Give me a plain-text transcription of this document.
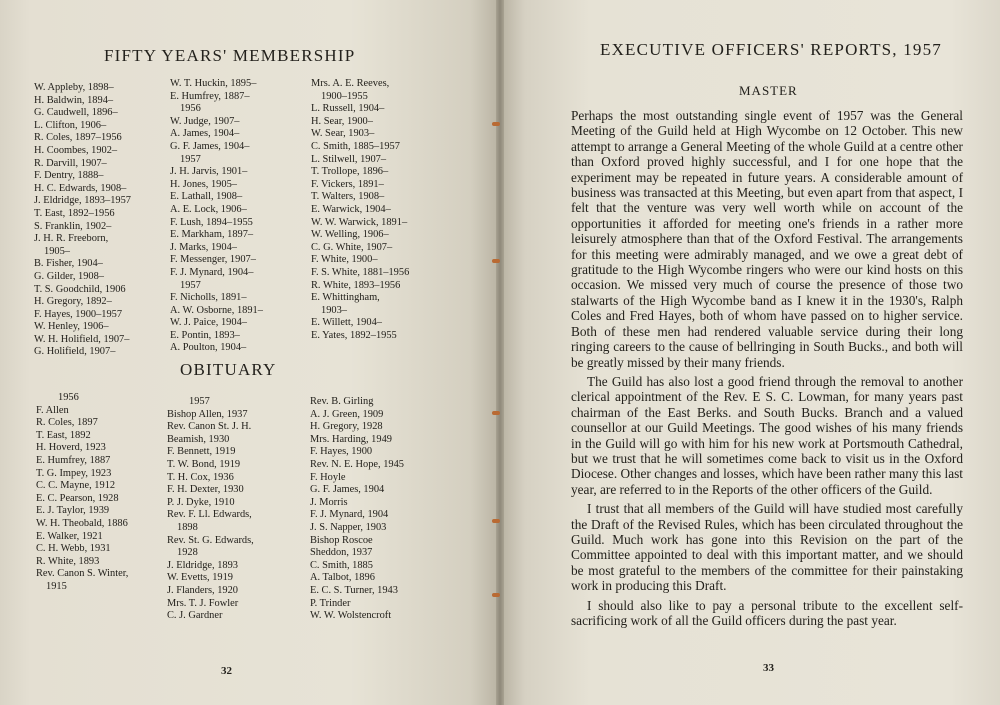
FIFTY YEARS' MEMBERSHIP
W. Appleby, 1898–
H. Baldwin, 1894–
G. Caudwell, 1896–
L. Clifton, 1906–
R. Coles, 1897–1956
H. Coombes, 1902–
R. Darvill, 1907–
F. Dentry, 1888–
H. C. Edwards, 1908–
J. Eldridge, 1893–1957
T. East, 1892–1956
S. Franklin, 1902–
J. H. R. Freeborn,
1905–
B. Fisher, 1904–
G. Gilder, 1908–
T. S. Goodchild, 1906
H. Gregory, 1892–
F. Hayes, 1900–1957
W. Henley, 1906–
W. H. Holifield, 1907–
G. Holifield, 1907–
W. T. Huckin, 1895–
E. Humfrey, 1887–
1956
W. Judge, 1907–
A. James, 1904–
G. F. James, 1904–
1957
J. H. Jarvis, 1901–
H. Jones, 1905–
E. Lathall, 1908–
A. E. Lock, 1906–
F. Lush, 1894–1955
E. Markham, 1897–
J. Marks, 1904–
F. Messenger, 1907–
F. J. Mynard, 1904–
1957
F. Nicholls, 1891–
A. W. Osborne, 1891–
W. J. Paice, 1904–
E. Pontin, 1893–
A. Poulton, 1904–
Mrs. A. E. Reeves,
1900–1955
L. Russell, 1904–
H. Sear, 1900–
W. Sear, 1903–
C. Smith, 1885–1957
L. Stilwell, 1907–
T. Trollope, 1896–
F. Vickers, 1891–
T. Walters, 1908–
E. Warwick, 1904–
W. W. Warwick, 1891–
W. Welling, 1906–
C. G. White, 1907–
F. White, 1900–
F. S. White, 1881–1956
R. White, 1893–1956
E. Whittingham,
1903–
E. Willett, 1904–
E. Yates, 1892–1955
OBITUARY
1956
F. Allen
R. Coles, 1897
T. East, 1892
H. Hoverd, 1923
E. Humfrey, 1887
T. G. Impey, 1923
C. C. Mayne, 1912
E. C. Pearson, 1928
E. J. Taylor, 1939
W. H. Theobald, 1886
E. Walker, 1921
C. H. Webb, 1931
R. White, 1893
Rev. Canon S. Winter,
1915
1957
Bishop Allen, 1937
Rev. Canon St. J. H.
Beamish, 1930
F. Bennett, 1919
T. W. Bond, 1919
T. H. Cox, 1936
F. H. Dexter, 1930
P. J. Dyke, 1910
Rev. F. Ll. Edwards,
1898
Rev. St. G. Edwards,
1928
J. Eldridge, 1893
W. Evetts, 1919
J. Flanders, 1920
Mrs. T. J. Fowler
C. J. Gardner
Rev. B. Girling
A. J. Green, 1909
H. Gregory, 1928
Mrs. Harding, 1949
F. Hayes, 1900
Rev. N. E. Hope, 1945
F. Hoyle
G. F. James, 1904
J. Morris
F. J. Mynard, 1904
J. S. Napper, 1903
Bishop Roscoe
Sheddon, 1937
C. Smith, 1885
A. Talbot, 1896
E. C. S. Turner, 1943
P. Trinder
W. W. Wolstencroft
32	33
EXECUTIVE OFFICERS' REPORTS, 1957
MASTER

Perhaps the most outstanding single event of 1957 was the General Meeting of the Guild held at High Wycombe on 12 October. This new attempt to arrange a General Meeting of the whole Guild at a centre other than Oxford proved highly successful, and I for one hope that the experiment may be repeated in future years. A considerable amount of business was transacted at this Meeting, but even apart from that aspect, I felt that the venture was very well worth while on account of the opportunities it afforded for meeting one's friends in a rather more leisurely atmosphere than that of the Oxford Festival. The arrangements for this meeting were admirably managed, and we owe a great debt of gratitude to the High Wycombe ringers who were our kind hosts on this occasion. We missed very much of course the presence of those two stalwarts of the High Wycombe band as I knew it in the 1930's, Ralph Coles and Fred Hayes, both of whom have passed on to higher service. Both of these men had rendered valuable service during their long ringing careers to the cause of bellringing in South Bucks., and both will be greatly missed by their many friends.

The Guild has also lost a good friend through the removal to another clerical appointment of the Rev. E S. C. Lowman, for many years past chairman of the East Berks. and South Bucks. Branch and a valued counsellor at our Guild Meetings. The good wishes of his many friends in the Guild will go with him for his new work at Portsmouth Cathedral, but we trust that he will sometimes come back to visit us in the Oxford Diocese. Other changes and losses, which have been rather many this last year, are referred to in the Reports of the other officers of the Guild.

I trust that all members of the Guild will have studied most carefully the Draft of the Revised Rules, which has been circulated throughout the Guild. Much work has gone into this Revision on the part of the Committee appointed to deal with this important matter, and we should be most grateful to the members of the committee for their painstaking work in producing this Draft.

I should also like to pay a personal tribute to the excellent self-sacrificing work of all the Guild officers during the past year.
